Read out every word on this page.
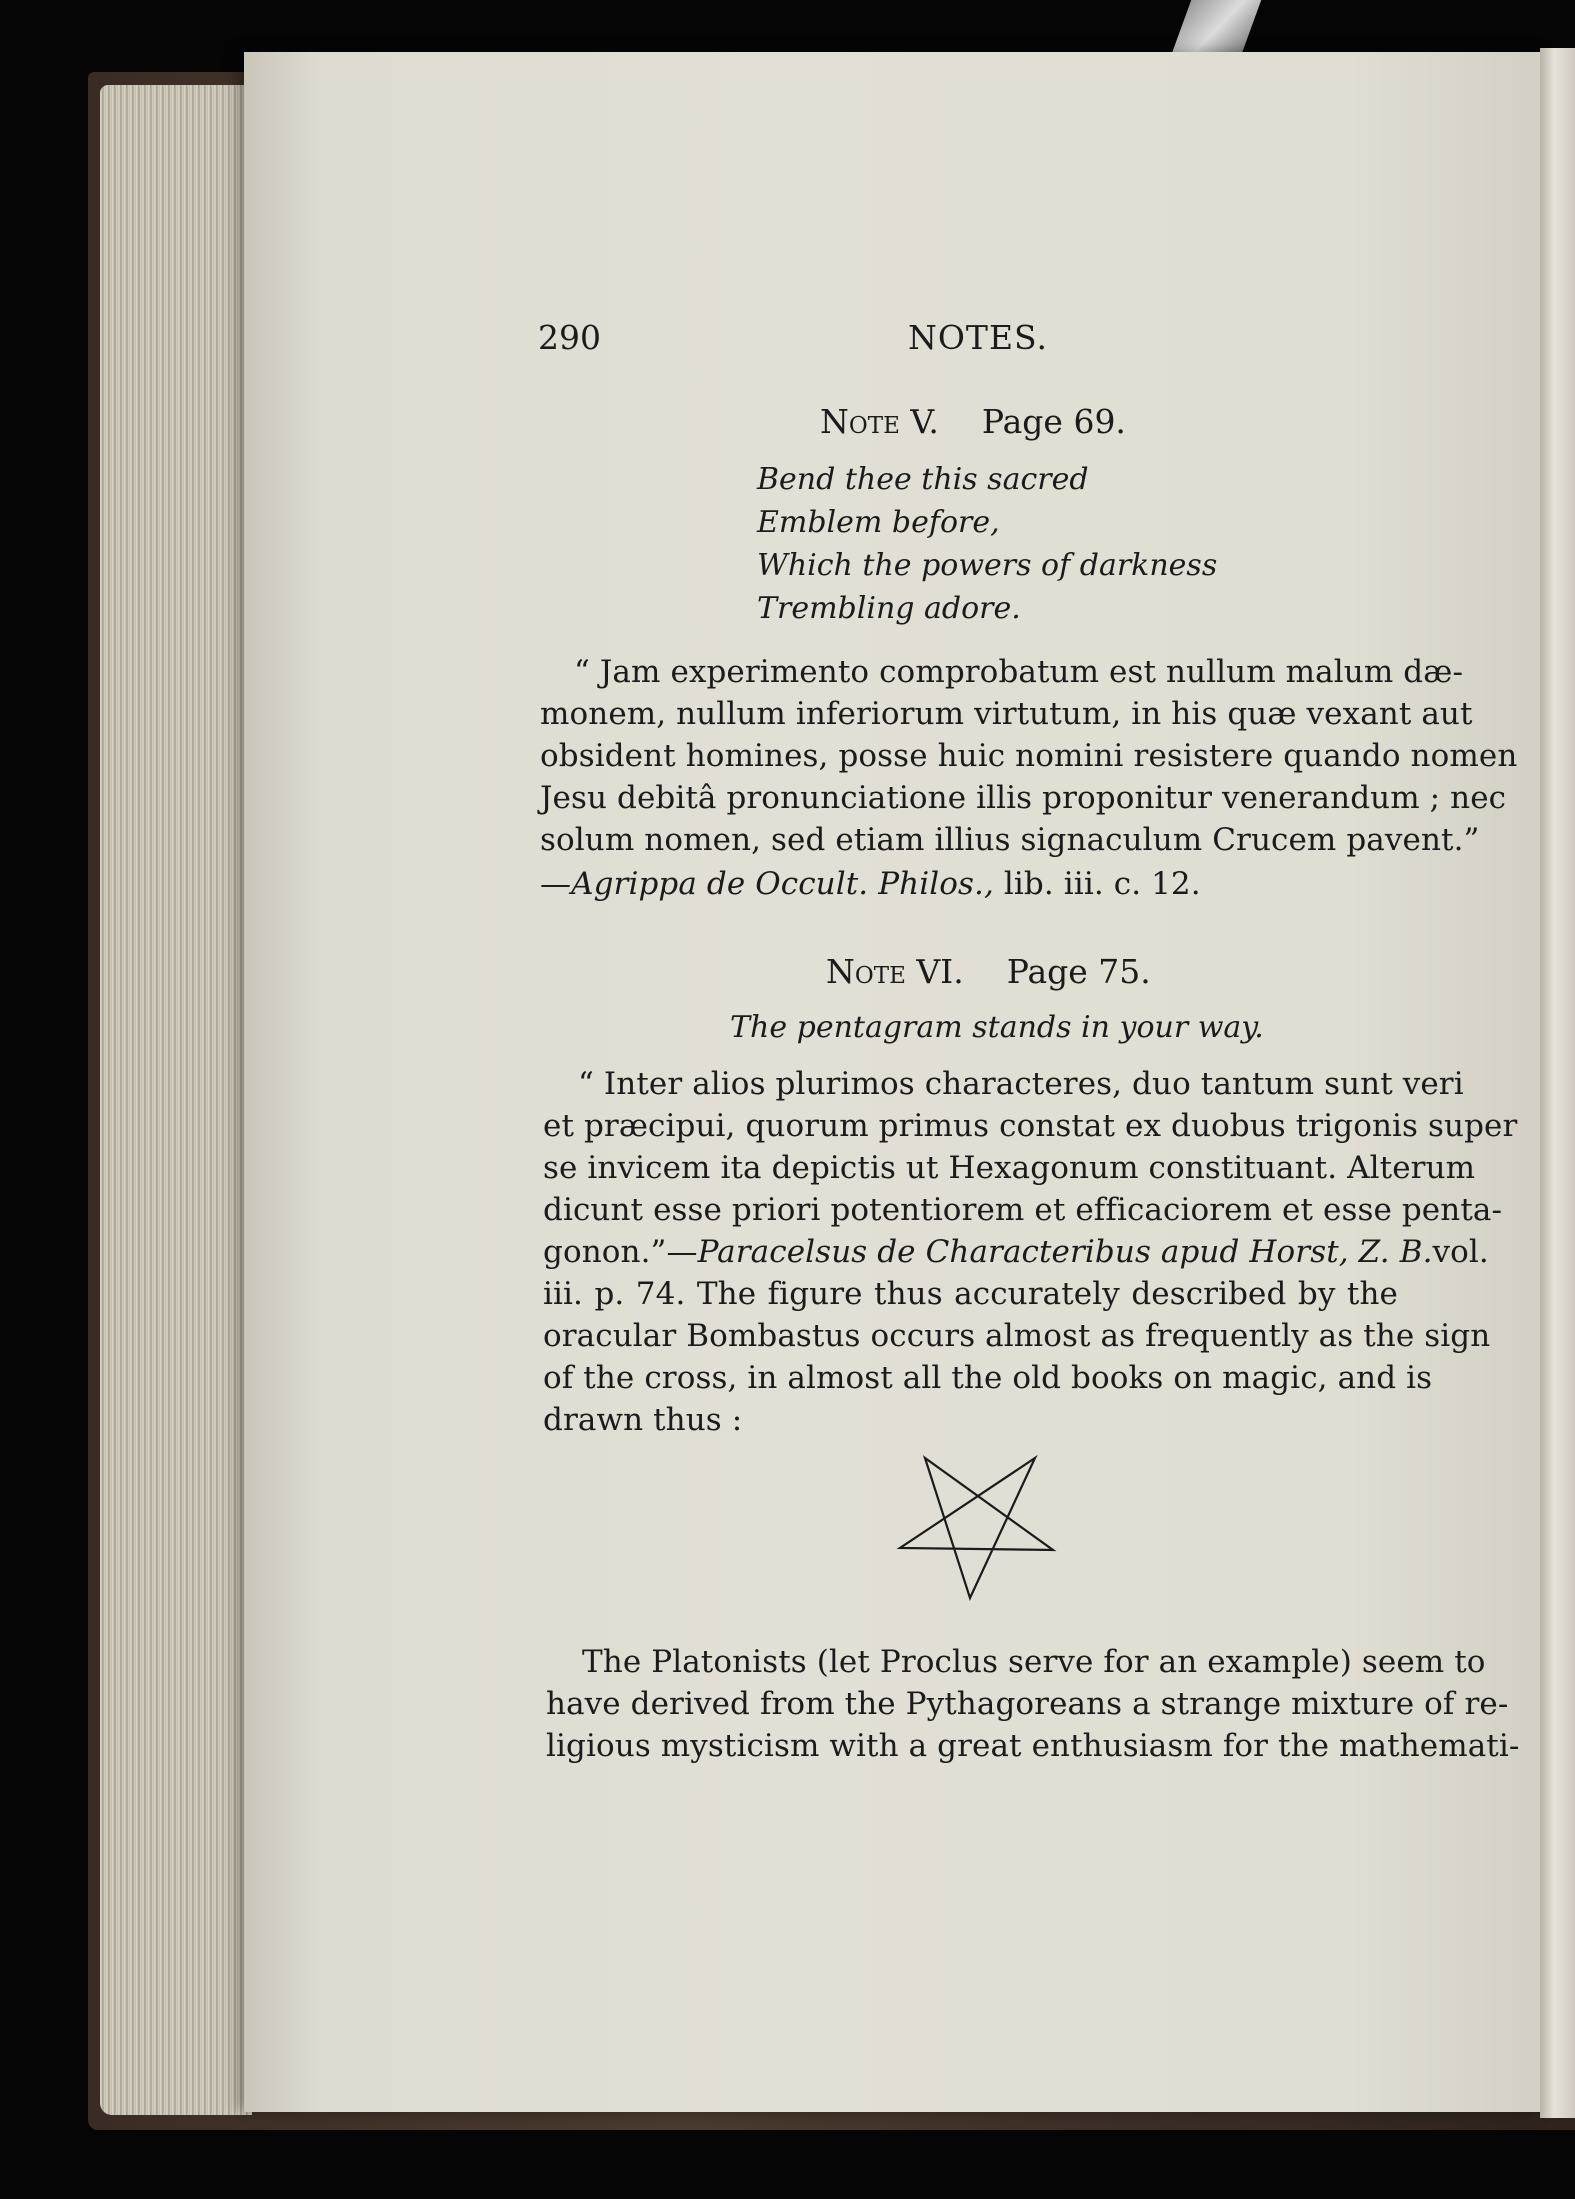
290	NOTES.

Note V. Page 69.

Bend thee this sacred

Emblem before,

Which the powers of darkness

Trembling adore.

“ Jam experimento comprobatum est nullum malum dæ-

monem, nullum inferiorum virtutum, in his quæ vexant aut

obsident homines, posse huic nomini resistere quando nomen

Jesu debitâ pronunciatione illis proponitur venerandum ; nec

solum nomen, sed etiam illius signaculum Crucem pavent.”

—Agrippa de Occult. Philos., lib. iii. c. 12.

Note VI. Page 75.

The pentagram stands in your way.

“ Inter alios plurimos characteres, duo tantum sunt veri

et præcipui, quorum primus constat ex duobus trigonis super

se invicem ita depictis ut Hexagonum constituant. Alterum

dicunt esse priori potentiorem et efficaciorem et esse penta-

gonon.”—Paracelsus de Characteribus apud Horst, Z. B. vol.

iii. p. 74. The figure thus accurately described by the

oracular Bombastus occurs almost as frequently as the sign

of the cross, in almost all the old books on magic, and is

drawn thus :

The Platonists (let Proclus serve for an example) seem to

have derived from the Pythagoreans a strange mixture of re-

ligious mysticism with a great enthusiasm for the mathemati-
